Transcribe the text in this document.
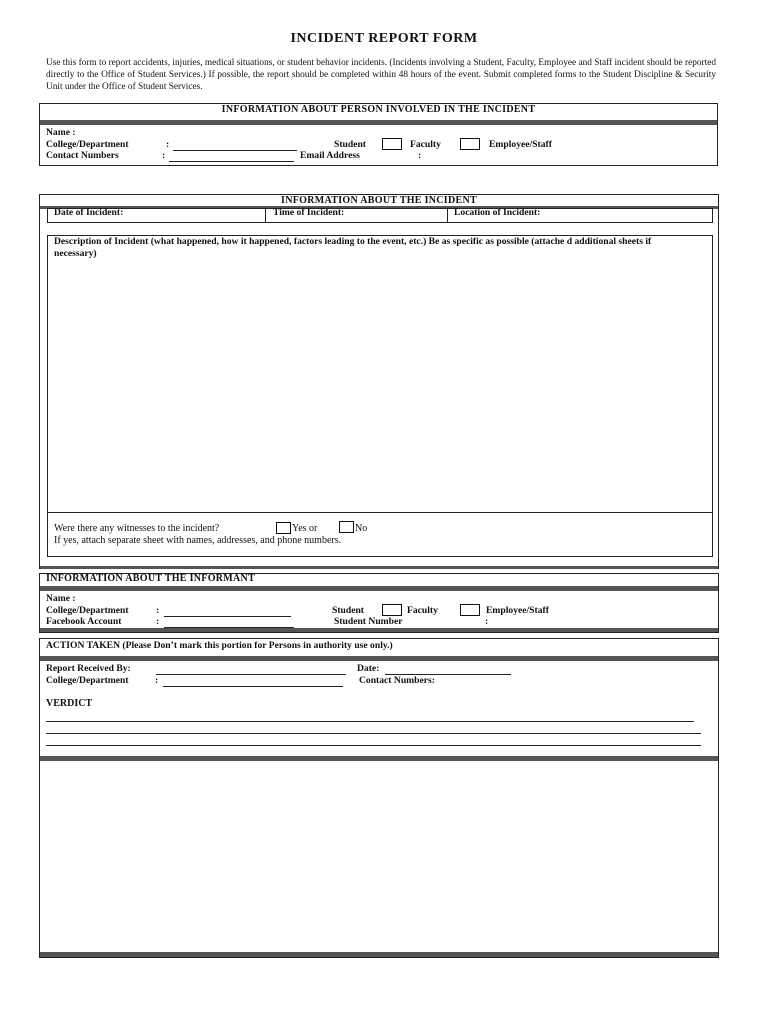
INCIDENT REPORT FORM
Use this form to report accidents, injuries, medical situations, or student behavior incidents. (Incidents involving a Student, Faculty, Employee and Staff incident should be reported directly to the Office of Student Services.) If possible, the report should be completed within 48 hours of the event. Submit completed forms to the Student Discipline & Security Unit under the Office of Student Services.
INFORMATION ABOUT PERSON INVOLVED IN THE INCIDENT
Name :
College/Department	:
Contact Numbers	:	Email Address	:
Student	Faculty	Employee/Staff
INFORMATION ABOUT THE INCIDENT
Date of Incident:	Time of Incident:	Location of Incident:
Description of Incident (what happened, how it happened, factors leading to the event, etc.) Be as specific as possible (attache d additional sheets if necessary)
Were there any witnesses to the incident?	Yes or	No
If yes, attach separate sheet with names, addresses, and phone numbers.
INFORMATION ABOUT THE INFORMANT
Name :
College/Department	:
Facebook Account	:
Student	Faculty	Employee/Staff
Student Number	:
ACTION TAKEN (Please Don’t mark this portion for Persons in authority use only.)
Report Received By:	Date:
College/Department	:	Contact Numbers:
VERDICT
